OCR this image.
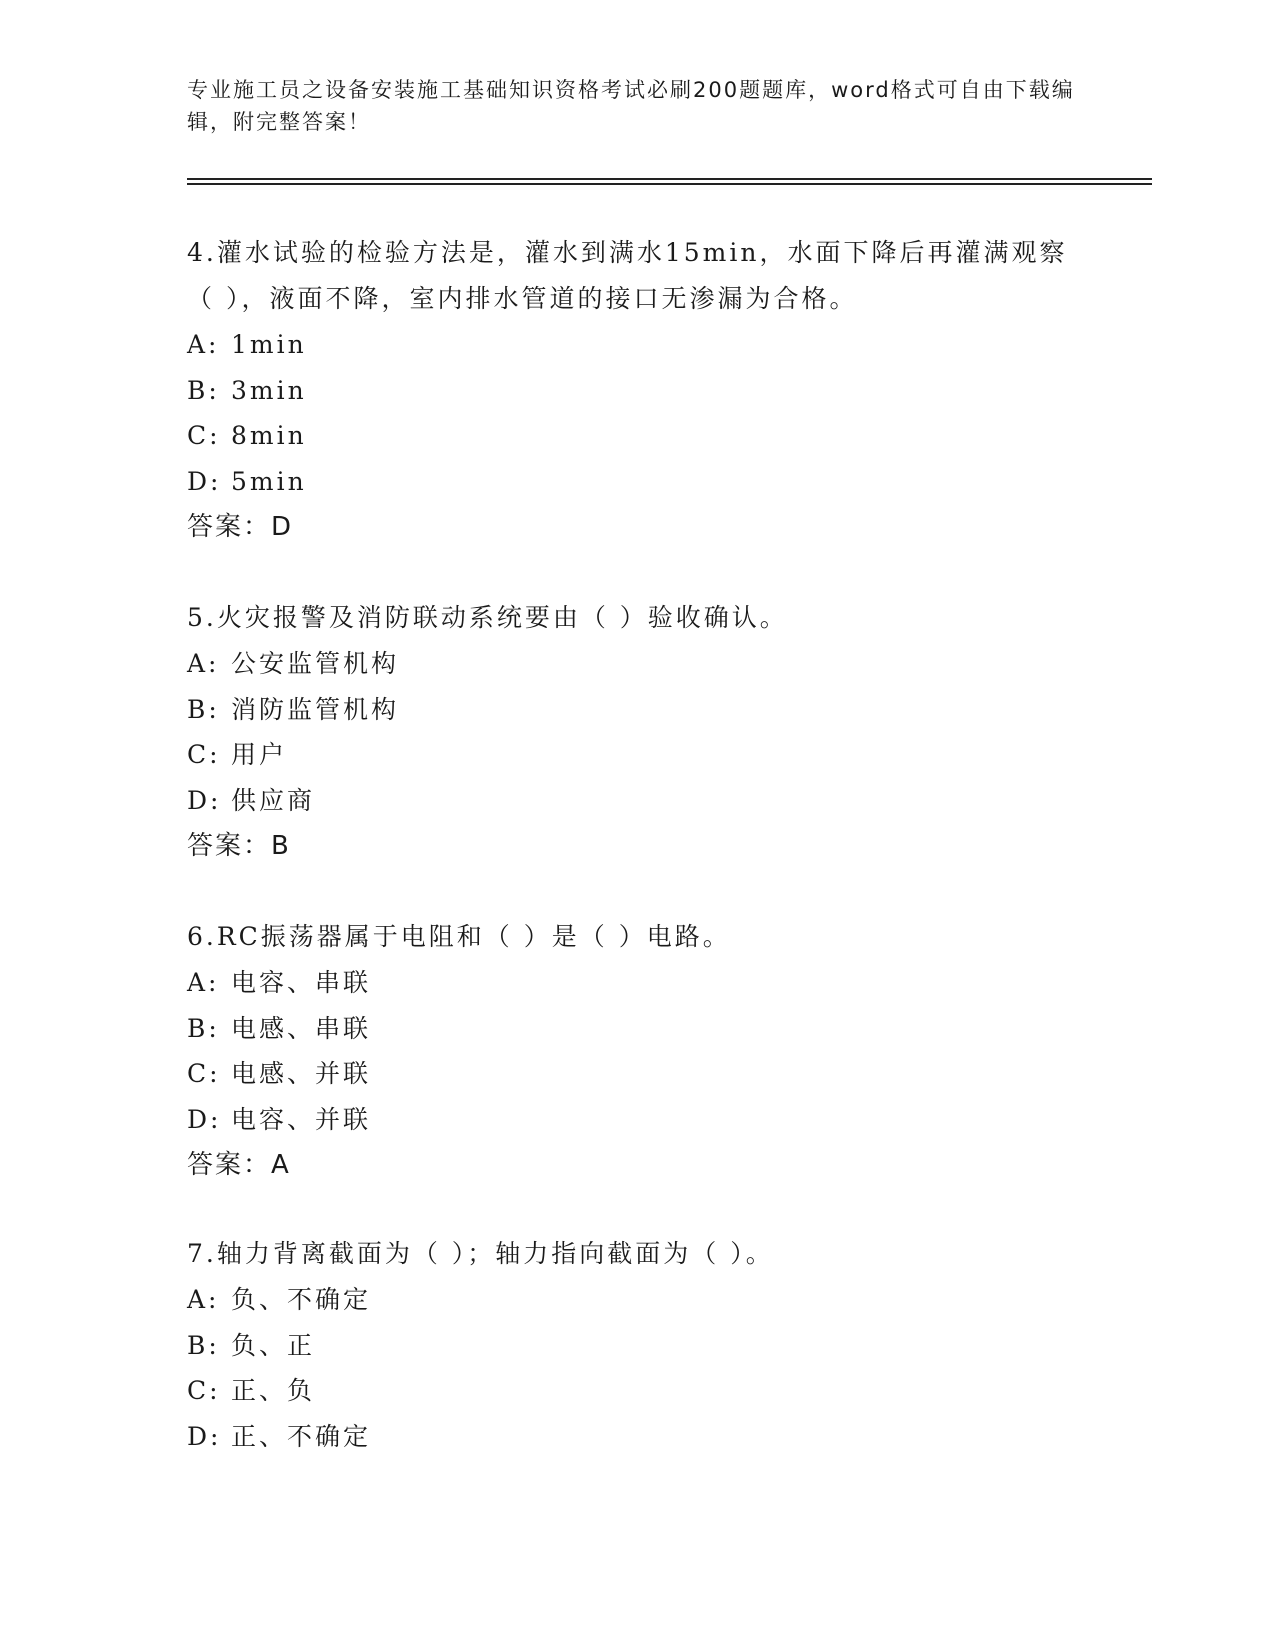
专业施工员之设备安装施工基础知识资格考试必刷200题题库，word格式可自由下载编辑，附完整答案！

4.灌水试验的检验方法是，灌水到满水15min，水面下降后再灌满观察（ ），液面不降，室内排水管道的接口无渗漏为合格。

A: 1min

B: 3min

C: 8min

D: 5min

答案：D

5.火灾报警及消防联动系统要由（ ）验收确认。

A: 公安监管机构

B: 消防监管机构

C: 用户

D: 供应商

答案：B

6.RC振荡器属于电阻和（ ）是（ ）电路。

A: 电容、串联

B: 电感、串联

C: 电感、并联

D: 电容、并联

答案：A

7.轴力背离截面为（ ）；轴力指向截面为（ ）。

A: 负、不确定

B: 负、正

C: 正、负

D: 正、不确定
